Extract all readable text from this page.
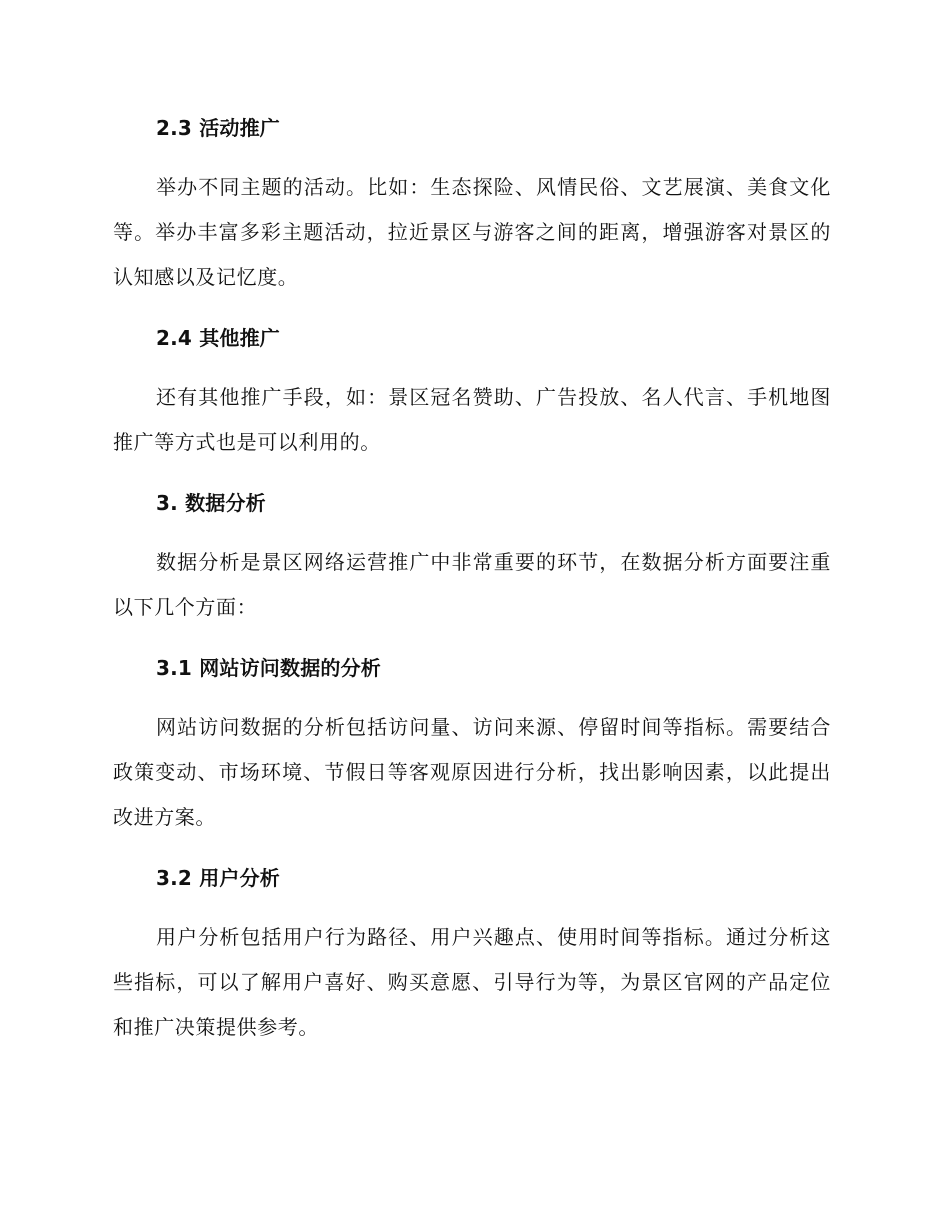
2.3 活动推广

举办不同主题的活动。比如：生态探险、风情民俗、文艺展演、美食文化等。举办丰富多彩主题活动，拉近景区与游客之间的距离，增强游客对景区的认知感以及记忆度。

2.4 其他推广

还有其他推广手段，如：景区冠名赞助、广告投放、名人代言、手机地图推广等方式也是可以利用的。

3. 数据分析

数据分析是景区网络运营推广中非常重要的环节，在数据分析方面要注重以下几个方面：

3.1 网站访问数据的分析

网站访问数据的分析包括访问量、访问来源、停留时间等指标。需要结合政策变动、市场环境、节假日等客观原因进行分析，找出影响因素，以此提出改进方案。

3.2 用户分析

用户分析包括用户行为路径、用户兴趣点、使用时间等指标。通过分析这些指标，可以了解用户喜好、购买意愿、引导行为等，为景区官网的产品定位和推广决策提供参考。
